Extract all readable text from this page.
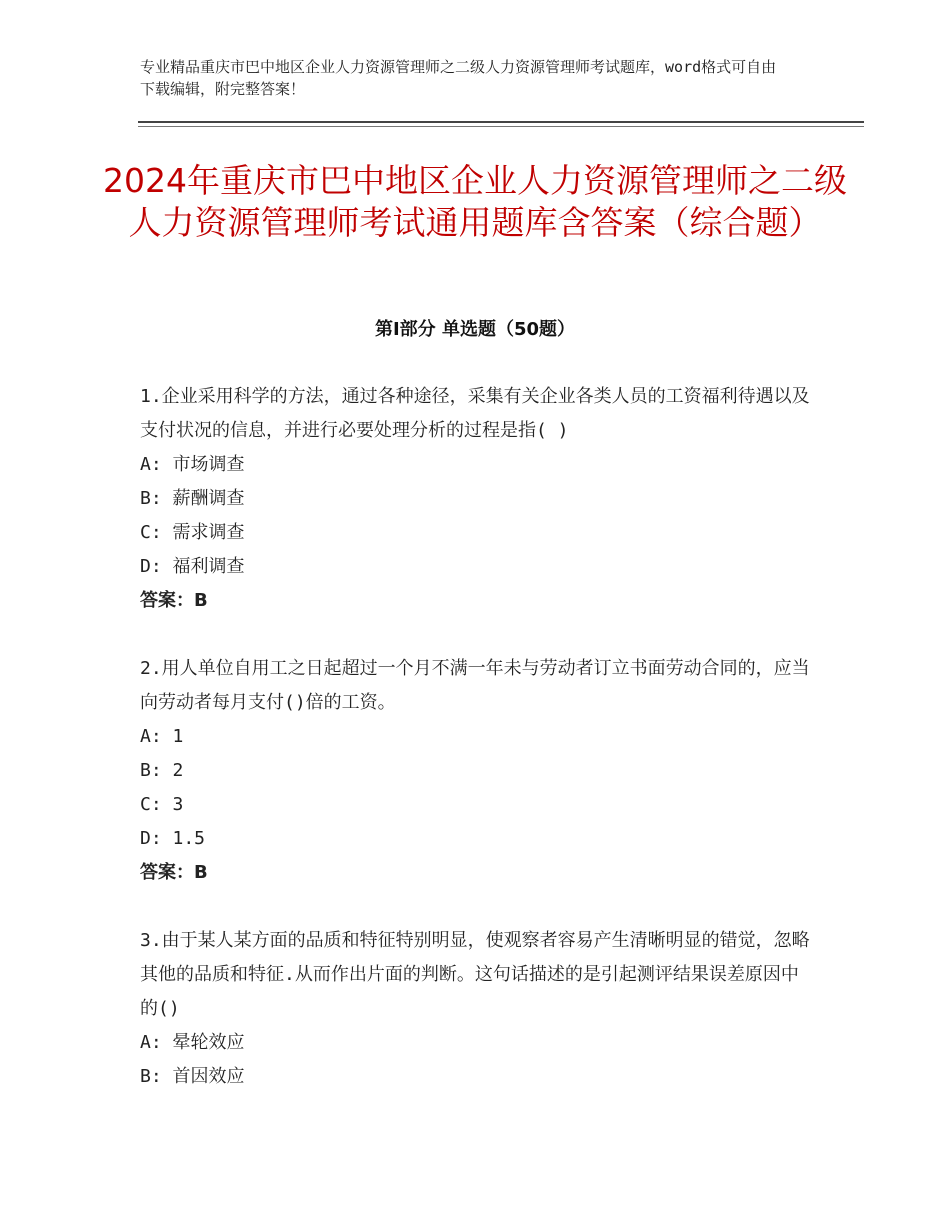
专业精品重庆市巴中地区企业人力资源管理师之二级人力资源管理师考试题库，word格式可自由下载编辑，附完整答案！
2024年重庆市巴中地区企业人力资源管理师之二级人力资源管理师考试通用题库含答案（综合题）
第Ⅰ部分 单选题（50题）
1.企业采用科学的方法，通过各种途径，采集有关企业各类人员的工资福利待遇以及支付状况的信息，并进行必要处理分析的过程是指( )
A: 市场调查
B: 薪酬调查
C: 需求调查
D: 福利调查
答案：B
2.用人单位自用工之日起超过一个月不满一年未与劳动者订立书面劳动合同的，应当向劳动者每月支付()倍的工资。
A: 1
B: 2
C: 3
D: 1.5
答案：B
3.由于某人某方面的品质和特征特别明显，使观察者容易产生清晰明显的错觉，忽略其他的品质和特征.从而作出片面的判断。这句话描述的是引起测评结果误差原因中的()
A: 晕轮效应
B: 首因效应
